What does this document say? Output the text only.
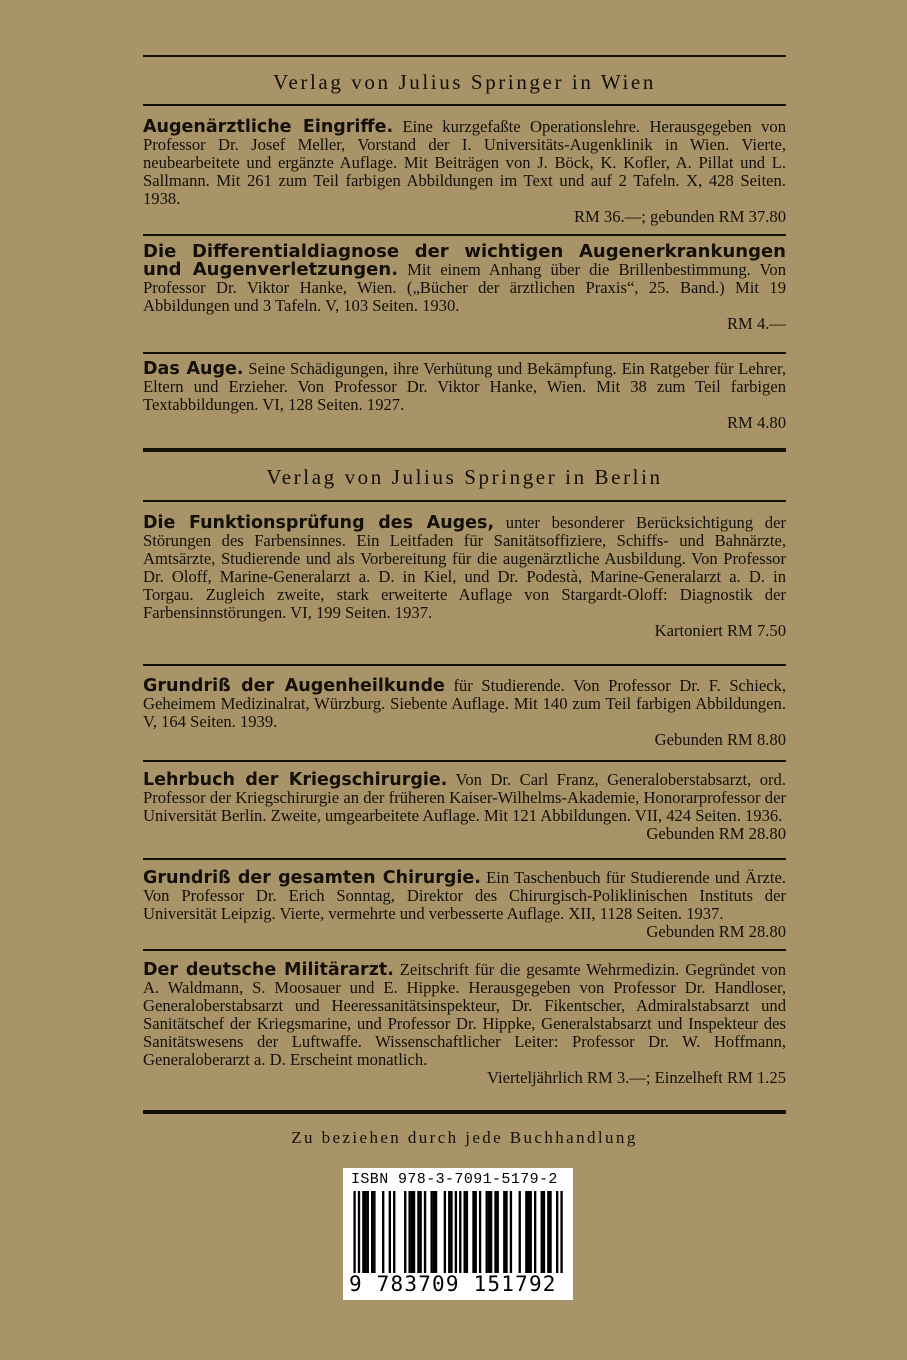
Verlag von Julius Springer in Wien
Augenärztliche Eingriffe. Eine kurzgefaßte Operationslehre. Herausgegeben von Professor Dr. Josef Meller, Vorstand der I. Universitäts-Augenklinik in Wien. Vierte, neubearbeitete und ergänzte Auflage. Mit Beiträgen von J. Böck, K. Kofler, A. Pillat und L. Sallmann. Mit 261 zum Teil farbigen Abbildungen im Text und auf 2 Tafeln. X, 428 Seiten. 1938.
RM 36.—; gebunden RM 37.80
Die Differentialdiagnose der wichtigen Augenerkrankungen und Augenverletzungen. Mit einem Anhang über die Brillenbestimmung. Von Professor Dr. Viktor Hanke, Wien. („Bücher der ärztlichen Praxis“, 25. Band.) Mit 19 Abbildungen und 3 Tafeln. V, 103 Seiten. 1930.
RM 4.—
Das Auge. Seine Schädigungen, ihre Verhütung und Bekämpfung. Ein Ratgeber für Lehrer, Eltern und Erzieher. Von Professor Dr. Viktor Hanke, Wien. Mit 38 zum Teil farbigen Textabbildungen. VI, 128 Seiten. 1927.
RM 4.80
Verlag von Julius Springer in Berlin
Die Funktionsprüfung des Auges, unter besonderer Berücksichtigung der Störungen des Farbensinnes. Ein Leitfaden für Sanitätsoffiziere, Schiffs- und Bahnärzte, Amtsärzte, Studierende und als Vorbereitung für die augenärztliche Ausbildung. Von Professor Dr. Oloff, Marine-Generalarzt a. D. in Kiel, und Dr. Podestà, Marine-Generalarzt a. D. in Torgau. Zugleich zweite, stark erweiterte Auflage von Stargardt-Oloff: Diagnostik der Farbensinnstörungen. VI, 199 Seiten. 1937.
Kartoniert RM 7.50
Grundriß der Augenheilkunde für Studierende. Von Professor Dr. F. Schieck, Geheimem Medizinalrat, Würzburg. Siebente Auflage. Mit 140 zum Teil farbigen Abbildungen. V, 164 Seiten. 1939.
Gebunden RM 8.80
Lehrbuch der Kriegschirurgie. Von Dr. Carl Franz, Generaloberstabsarzt, ord. Professor der Kriegschirurgie an der früheren Kaiser-Wilhelms-Akademie, Honorarprofessor der Universität Berlin. Zweite, umgearbeitete Auflage. Mit 121 Abbildungen. VII, 424 Seiten. 1936.
Gebunden RM 28.80
Grundriß der gesamten Chirurgie. Ein Taschenbuch für Studierende und Ärzte. Von Professor Dr. Erich Sonntag, Direktor des Chirurgisch-Poliklinischen Instituts der Universität Leipzig. Vierte, vermehrte und verbesserte Auflage. XII, 1128 Seiten. 1937.
Gebunden RM 28.80
Der deutsche Militärarzt. Zeitschrift für die gesamte Wehrmedizin. Gegründet von A. Waldmann, S. Moosauer und E. Hippke. Herausgegeben von Professor Dr. Handloser, Generaloberstabsarzt und Heeressanitätsinspekteur, Dr. Fikentscher, Admiralstabsarzt und Sanitätschef der Kriegsmarine, und Professor Dr. Hippke, Generalstabsarzt und Inspekteur des Sanitätswesens der Luftwaffe. Wissenschaftlicher Leiter: Professor Dr. W. Hoffmann, Generaloberarzt a. D. Erscheint monatlich.
Vierteljährlich RM 3.—; Einzelheft RM 1.25
Zu beziehen durch jede Buchhandlung
ISBN 978-3-7091-5179-2
9 783709 151792
